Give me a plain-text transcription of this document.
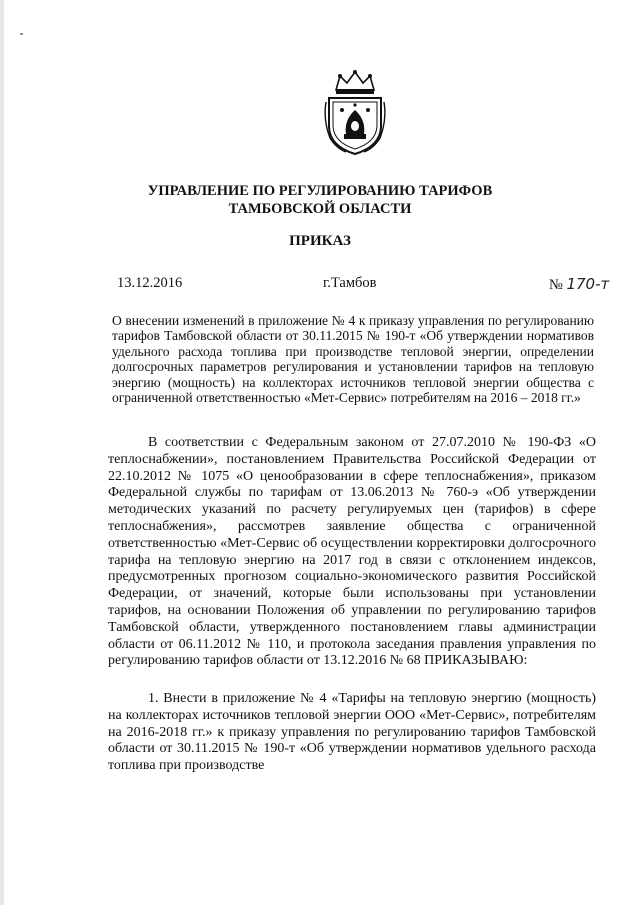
УПРАВЛЕНИЕ ПО РЕГУЛИРОВАНИЮ ТАРИФОВ
ТАМБОВСКОЙ ОБЛАСТИ
ПРИКАЗ
13.12.2016	г.Тамбов	№ 170-т
О внесении изменений в приложение № 4 к приказу управления по регулированию тарифов Тамбовской области от 30.11.2015 № 190-т «Об утверждении нормативов удельного расхода топлива при производстве тепловой энергии, определении долгосрочных параметров регулирования и установлении тарифов на тепловую энергию (мощность) на коллекторах источников тепловой энергии общества с ограниченной ответственностью «Мет-Сервис» потребителям на 2016 – 2018 гг.»
В соответствии с Федеральным законом от 27.07.2010 № 190-ФЗ «О теплоснабжении», постановлением Правительства Российской Федерации от 22.10.2012 № 1075 «О ценообразовании в сфере теплоснабжения», приказом Федеральной службы по тарифам от 13.06.2013 № 760-э «Об утверждении методических указаний по расчету регулируемых цен (тарифов) в сфере теплоснабжения», рассмотрев заявление общества с ограниченной ответственностью «Мет-Сервис об осуществлении корректировки долгосрочного тарифа на тепловую энергию на 2017 год в связи с отклонением индексов, предусмотренных прогнозом социально-экономического развития Российской Федерации, от значений, которые были использованы при установлении тарифов, на основании Положения об управлении по регулированию тарифов Тамбовской области, утвержденного постановлением главы администрации области от 06.11.2012 № 110, и протокола заседания правления управления по регулированию тарифов области от 13.12.2016 № 68 ПРИКАЗЫВАЮ:
1. Внести в приложение № 4 «Тарифы на тепловую энергию (мощность) на коллекторах источников тепловой энергии ООО «Мет-Сервис», потребителям на 2016-2018 гг.» к приказу управления по регулированию тарифов Тамбовской области от 30.11.2015 № 190-т «Об утверждении нормативов удельного расхода топлива при производстве
